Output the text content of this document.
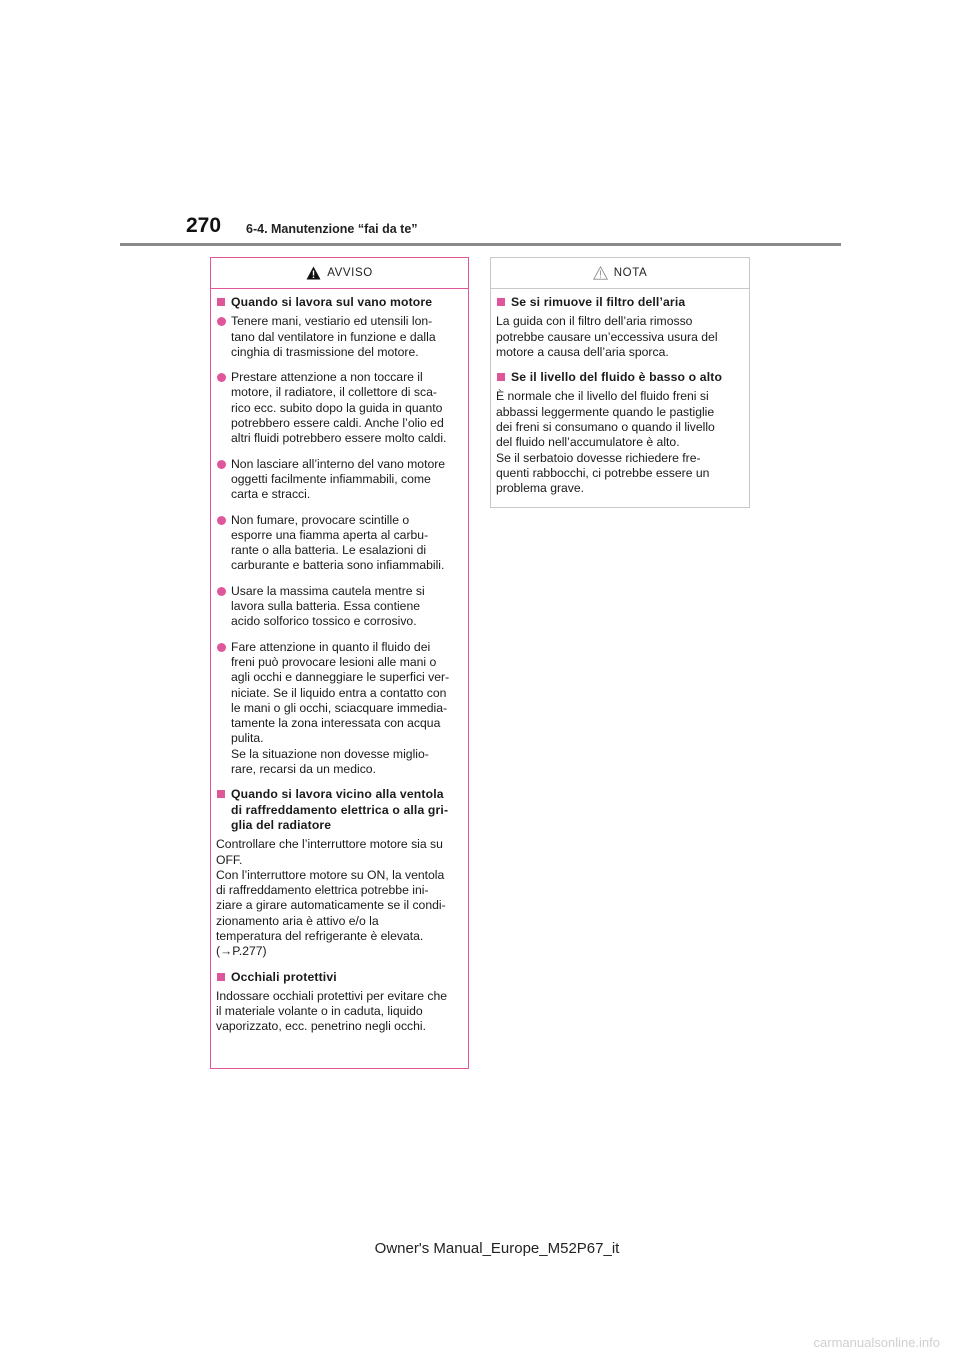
270 6-4. Manutenzione “fai da te”
AVVISO
Quando si lavora sul vano motore
Tenere mani, vestiario ed utensili lon-
tano dal ventilatore in funzione e dalla
cinghia di trasmissione del motore.
Prestare attenzione a non toccare il
motore, il radiatore, il collettore di sca-
rico ecc. subito dopo la guida in quanto
potrebbero essere caldi. Anche l’olio ed
altri fluidi potrebbero essere molto caldi.
Non lasciare all’interno del vano motore
oggetti facilmente infiammabili, come
carta e stracci.
Non fumare, provocare scintille o
esporre una fiamma aperta al carbu-
rante o alla batteria. Le esalazioni di
carburante e batteria sono infiammabili.
Usare la massima cautela mentre si
lavora sulla batteria. Essa contiene
acido solforico tossico e corrosivo.
Fare attenzione in quanto il fluido dei
freni può provocare lesioni alle mani o
agli occhi e danneggiare le superfici ver-
niciate. Se il liquido entra a contatto con
le mani o gli occhi, sciacquare immedia-
tamente la zona interessata con acqua
pulita.
Se la situazione non dovesse miglio-
rare, recarsi da un medico.
Quando si lavora vicino alla ventola
di raffreddamento elettrica o alla gri-
glia del radiatore
Controllare che l’interruttore motore sia su
OFF.
Con l’interruttore motore su ON, la ventola
di raffreddamento elettrica potrebbe ini-
ziare a girare automaticamente se il condi-
zionamento aria è attivo e/o la
temperatura del refrigerante è elevata.
(→P.277)
Occhiali protettivi
Indossare occhiali protettivi per evitare che
il materiale volante o in caduta, liquido
vaporizzato, ecc. penetrino negli occhi.
NOTA
Se si rimuove il filtro dell’aria
La guida con il filtro dell’aria rimosso
potrebbe causare un’eccessiva usura del
motore a causa dell’aria sporca.
Se il livello del fluido è basso o alto
È normale che il livello del fluido freni si
abbassi leggermente quando le pastiglie
dei freni si consumano o quando il livello
del fluido nell’accumulatore è alto.
Se il serbatoio dovesse richiedere fre-
quenti rabbocchi, ci potrebbe essere un
problema grave.
Owner's Manual_Europe_M52P67_it
carmanualsonline.info
